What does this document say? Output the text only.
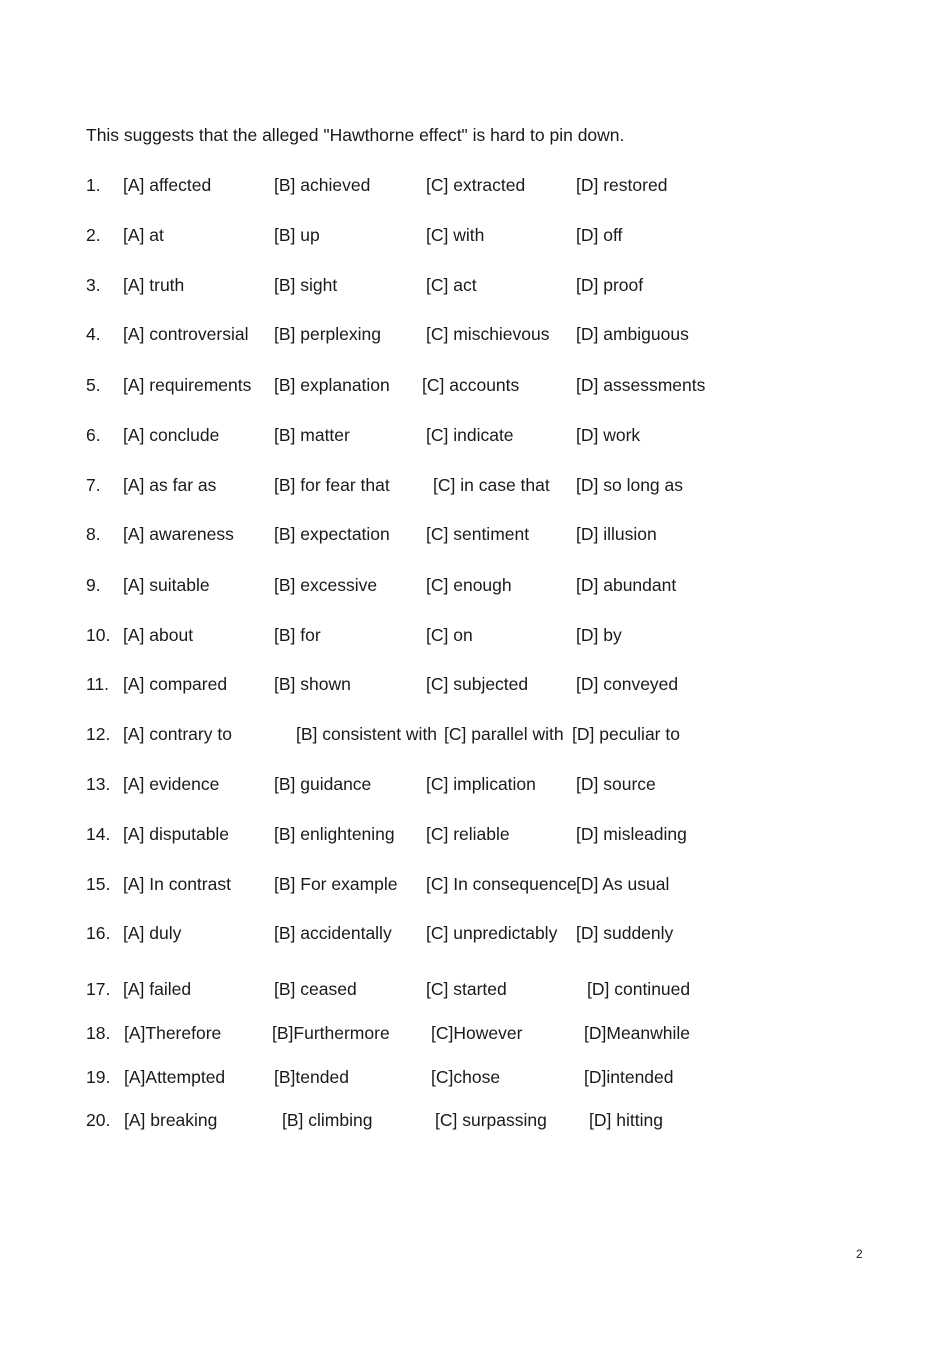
This suggests that the alleged "Hawthorne effect" is hard to pin down.
1. [A] affected	[B] achieved	[C] extracted	[D] restored
2. [A] at	[B] up	[C] with	[D] off
3. [A] truth	[B] sight	[C] act	[D] proof
4. [A] controversial [B] perplexing	[C] mischievous [D] ambiguous
5. [A] requirements [B] explanation [C] accounts	[D] assessments
6. [A] conclude	[B] matter	[C] indicate	[D] work
7. [A] as far as	[B] for fear that [C] in case that [D] so long as
8. [A] awareness [B] expectation [C] sentiment	[D] illusion
9. [A] suitable	[B] excessive	[C] enough	[D] abundant
10. [A] about	[B] for	[C] on	[D] by
11. [A] compared	[B] shown	[C] subjected	[D] conveyed
12. [A] contrary to	[B] consistent with [C] parallel with [D] peculiar to
13. [A] evidence	[B] guidance	[C] implication [D] source
14. [A] disputable	[B] enlightening [C] reliable	[D] misleading
15. [A] In contrast [B] For example [C] In consequence [D] As usual
16. [A] duly	[B] accidentally [C] unpredictably [D] suddenly
17. [A] failed	[B] ceased	[C] started	[D] continued
18. [A]Therefore	[B]Furthermore [C]However	[D]Meanwhile
19. [A]Attempted	[B]tended	[C]chose	[D]intended
20. [A] breaking	[B] climbing	[C] surpassing [D] hitting
2
